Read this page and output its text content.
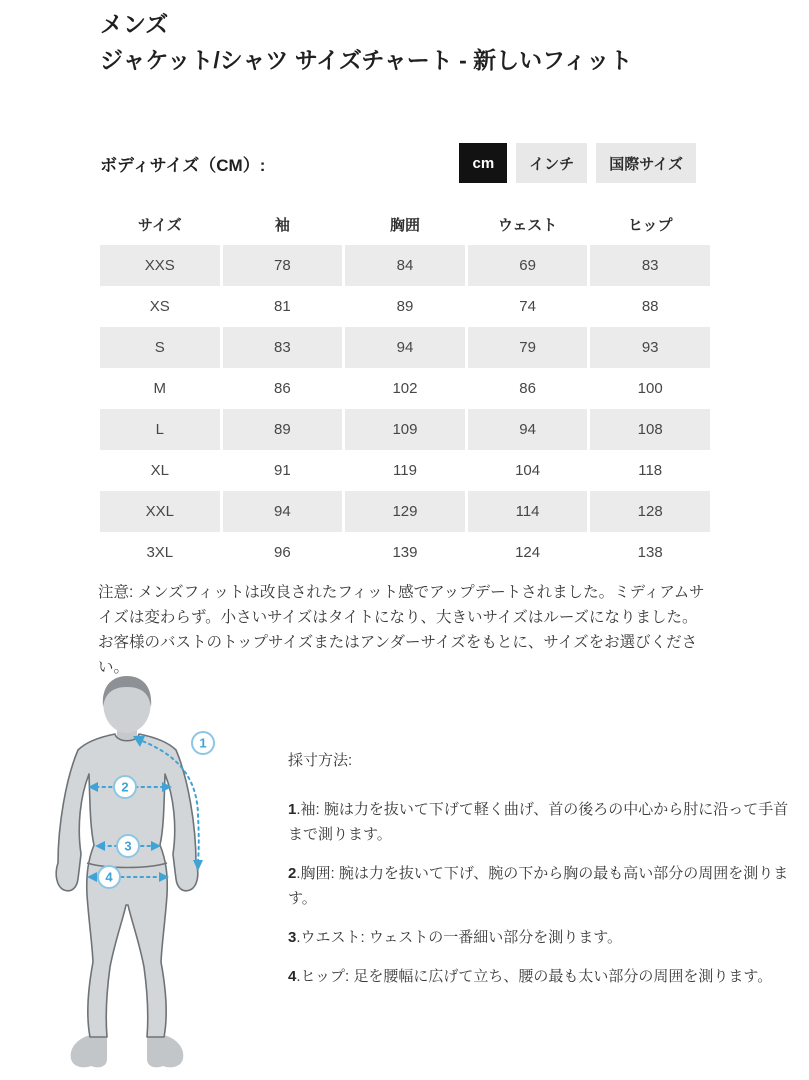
メンズ
ジャケット/シャツ サイズチャート - 新しいフィット
ボディサイズ（CM）:	cm	インチ	国際サイズ
サイズ	袖	胸囲	ウェスト	ヒップ
XXS	78	84	69	83
XS	81	89	74	88
S	83	94	79	93
M	86	102	86	100
L	89	109	94	108
XL	91	119	104	118
XXL	94	129	114	128
3XL	96	139	124	138

注意: メンズフィットは改良されたフィット感でアップデートされました。ミディアムサイズは変わらず。小さいサイズはタイトになり、大きいサイズはルーズになりました。お客様のバストのトップサイズまたはアンダーサイズをもとに、サイズをお選びください。

1
2
3
4

採寸方法:

1.袖: 腕は力を抜いて下げて軽く曲げ、首の後ろの中心から肘に沿って手首まで測ります。

2.胸囲: 腕は力を抜いて下げ、腕の下から胸の最も高い部分の周囲を測ります。

3.ウエスト: ウェストの一番細い部分を測ります。

4.ヒップ: 足を腰幅に広げて立ち、腰の最も太い部分の周囲を測ります。
